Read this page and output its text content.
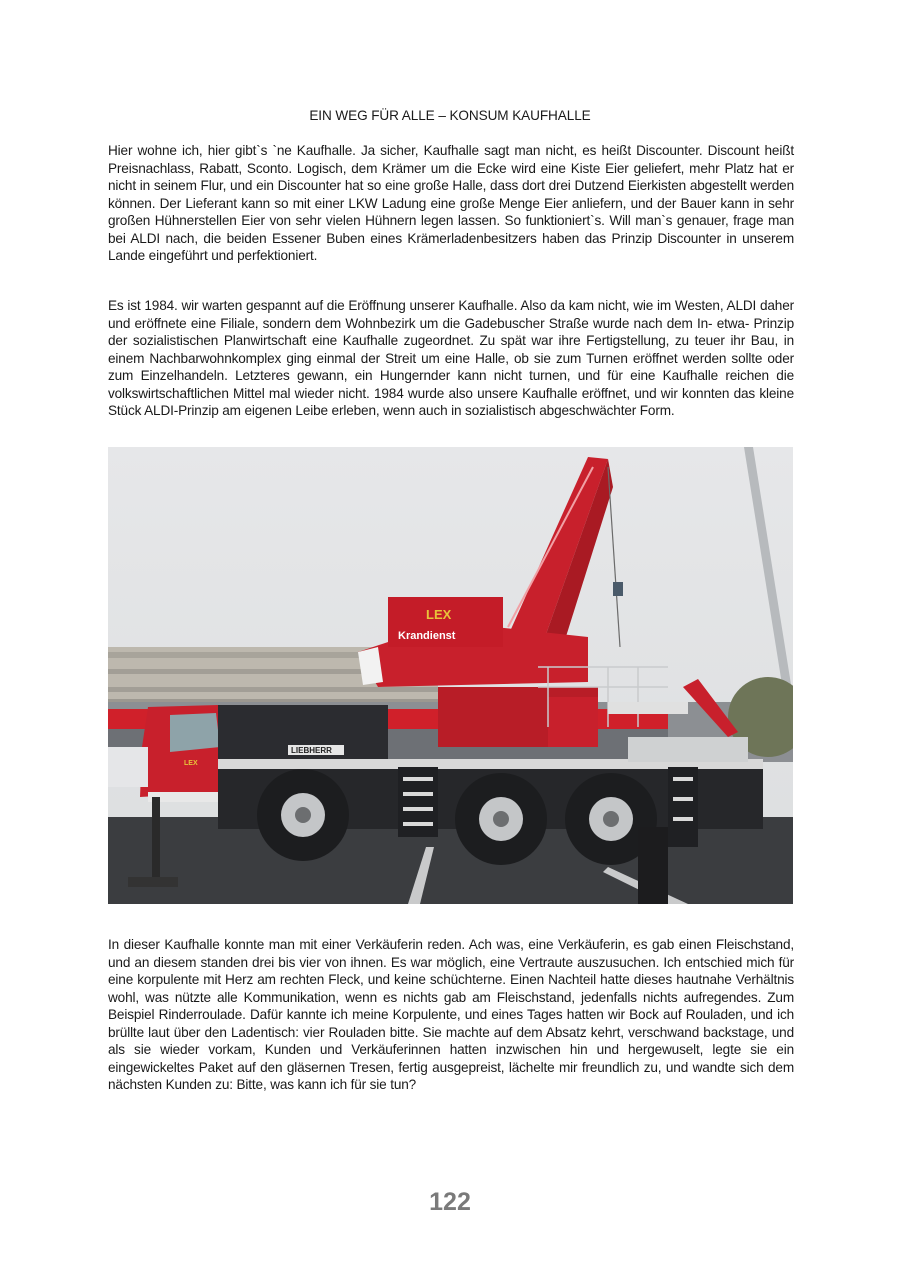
EIN WEG FÜR ALLE – KONSUM KAUFHALLE

Hier wohne ich, hier gibt`s `ne Kaufhalle. Ja sicher, Kaufhalle sagt man nicht, es heißt Discounter. Discount heißt Preisnachlass, Rabatt, Sconto. Logisch, dem Krämer um die Ecke wird eine Kiste Eier geliefert, mehr Platz hat er nicht in seinem Flur, und ein Discounter hat so eine große Halle, dass dort drei Dutzend Eierkisten abgestellt werden können. Der Lieferant kann so mit einer LKW Ladung eine große Menge Eier anliefern, und der Bauer kann in sehr großen Hühnerstellen Eier von sehr vielen Hühnern legen lassen. So funktioniert`s. Will man`s genauer, frage man bei ALDI nach, die beiden Essener Buben eines Krämerladenbesitzers haben das Prinzip Discounter in unserem Lande eingeführt und perfektioniert.

Es ist 1984. wir warten gespannt auf die Eröffnung unserer Kaufhalle. Also da kam nicht, wie im Westen, ALDI daher und eröffnete eine Filiale, sondern dem Wohnbezirk um die Gadebuscher Straße wurde nach dem In- etwa- Prinzip der sozialistischen Planwirtschaft eine Kaufhalle zugeordnet. Zu spät war ihre Fertigstellung, zu teuer ihr Bau, in einem Nachbarwohnkomplex ging einmal der Streit um eine Halle, ob sie zum Turnen eröffnet werden sollte oder zum Einzelhandeln. Letzteres gewann, ein Hungernder kann nicht turnen, und für eine Kaufhalle reichen die volkswirtschaftlichen Mittel mal wieder nicht. 1984 wurde also unsere Kaufhalle eröffnet, und wir konnten das kleine Stück ALDI-Prinzip am eigenen Leibe erleben, wenn auch in sozialistisch abgeschwächter Form.

LEX
Krandienst
LEX
LIEBHERR

In dieser Kaufhalle konnte man mit einer Verkäuferin reden. Ach was, eine Verkäuferin, es gab einen Fleischstand, und an diesem standen drei bis vier von ihnen. Es war möglich, eine Vertraute auszusuchen. Ich entschied mich für eine korpulente mit Herz am rechten Fleck, und keine schüchterne. Einen Nachteil hatte dieses hautnahe Verhältnis wohl, was nützte alle Kommunikation, wenn es nichts gab am Fleischstand, jedenfalls nichts aufregendes. Zum Beispiel Rinderroulade. Dafür kannte ich meine Korpulente, und eines Tages hatten wir Bock auf Rouladen, und ich brüllte laut über den Ladentisch: vier Rouladen bitte. Sie machte auf dem Absatz kehrt, verschwand backstage, und als sie wieder vorkam, Kunden und Verkäuferinnen hatten inzwischen hin und hergewuselt, legte sie ein eingewickeltes Paket auf den gläsernen Tresen, fertig ausgepreist, lächelte mir freundlich zu, und wandte sich dem nächsten Kunden zu: Bitte, was kann ich für sie tun?

122
